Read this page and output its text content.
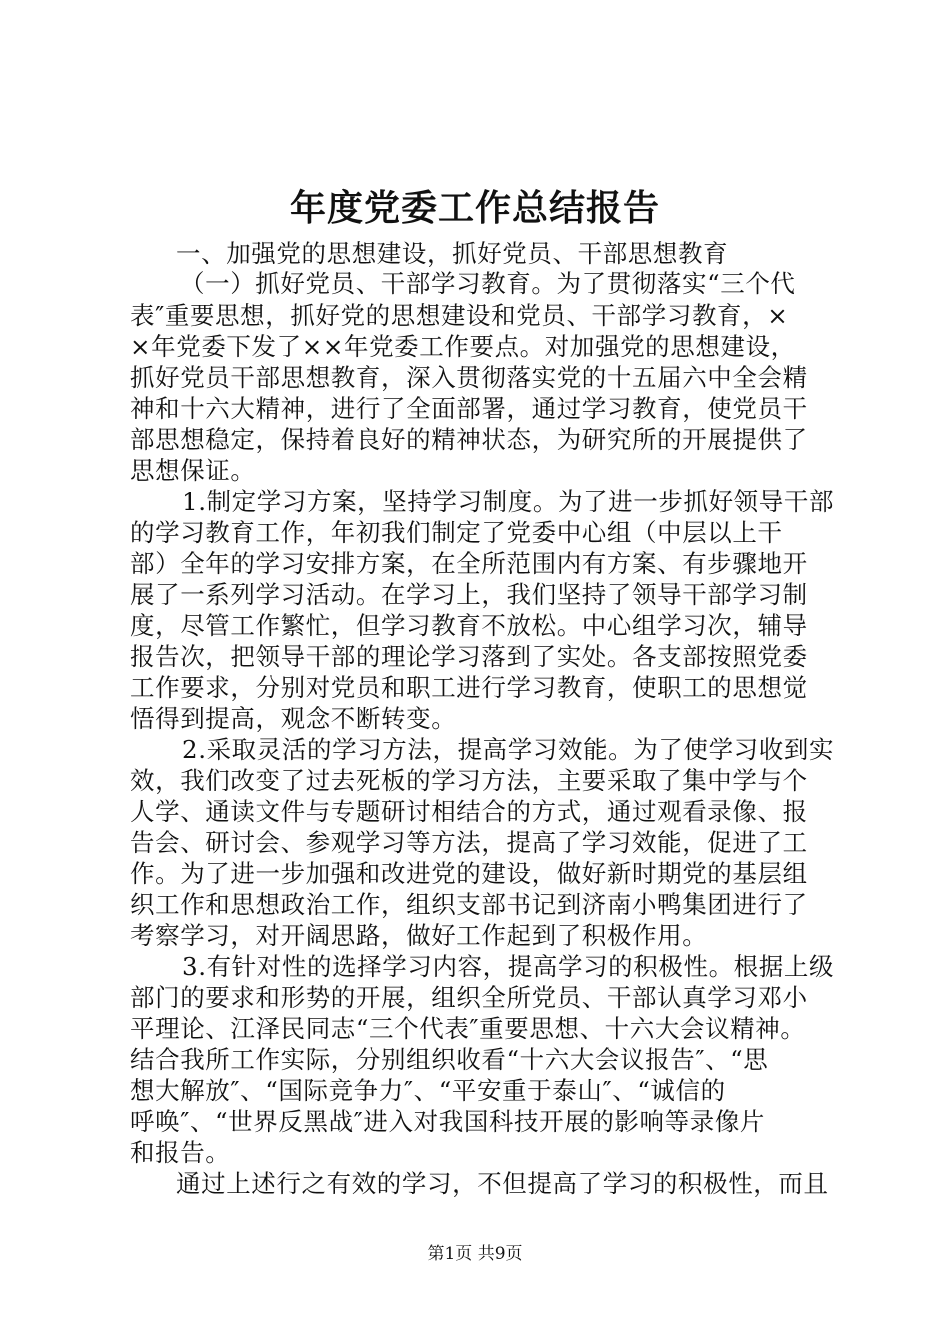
年度党委工作总结报告
一、加强党的思想建设，抓好党员、干部思想教育
（一）抓好党员、干部学习教育。为了贯彻落实“三个代
表″重要思想，抓好党的思想建设和党员、干部学习教育，×
×年党委下发了××年党委工作要点。对加强党的思想建设，
抓好党员干部思想教育，深入贯彻落实党的十五届六中全会精
神和十六大精神，进行了全面部署，通过学习教育，使党员干
部思想稳定，保持着良好的精神状态，为研究所的开展提供了
思想保证。
1.制定学习方案，坚持学习制度。为了进一步抓好领导干部
的学习教育工作，年初我们制定了党委中心组（中层以上干
部）全年的学习安排方案，在全所范围内有方案、有步骤地开
展了一系列学习活动。在学习上，我们坚持了领导干部学习制
度，尽管工作繁忙，但学习教育不放松。中心组学习次，辅导
报告次，把领导干部的理论学习落到了实处。各支部按照党委
工作要求，分别对党员和职工进行学习教育，使职工的思想觉
悟得到提高，观念不断转变。
2.采取灵活的学习方法，提高学习效能。为了使学习收到实
效，我们改变了过去死板的学习方法，主要采取了集中学与个
人学、通读文件与专题研讨相结合的方式，通过观看录像、报
告会、研讨会、参观学习等方法，提高了学习效能，促进了工
作。为了进一步加强和改进党的建设，做好新时期党的基层组
织工作和思想政治工作，组织支部书记到济南小鸭集团进行了
考察学习，对开阔思路，做好工作起到了积极作用。
3.有针对性的选择学习内容，提高学习的积极性。根据上级
部门的要求和形势的开展，组织全所党员、干部认真学习邓小
平理论、江泽民同志“三个代表″重要思想、十六大会议精神。
结合我所工作实际，分别组织收看“十六大会议报告″、“思
想大解放″、“国际竞争力″、“平安重于泰山″、“诚信的
呼唤″、“世界反黑战″进入对我国科技开展的影响等录像片
和报告。
通过上述行之有效的学习，不但提高了学习的积极性，而且
第1页 共9页
